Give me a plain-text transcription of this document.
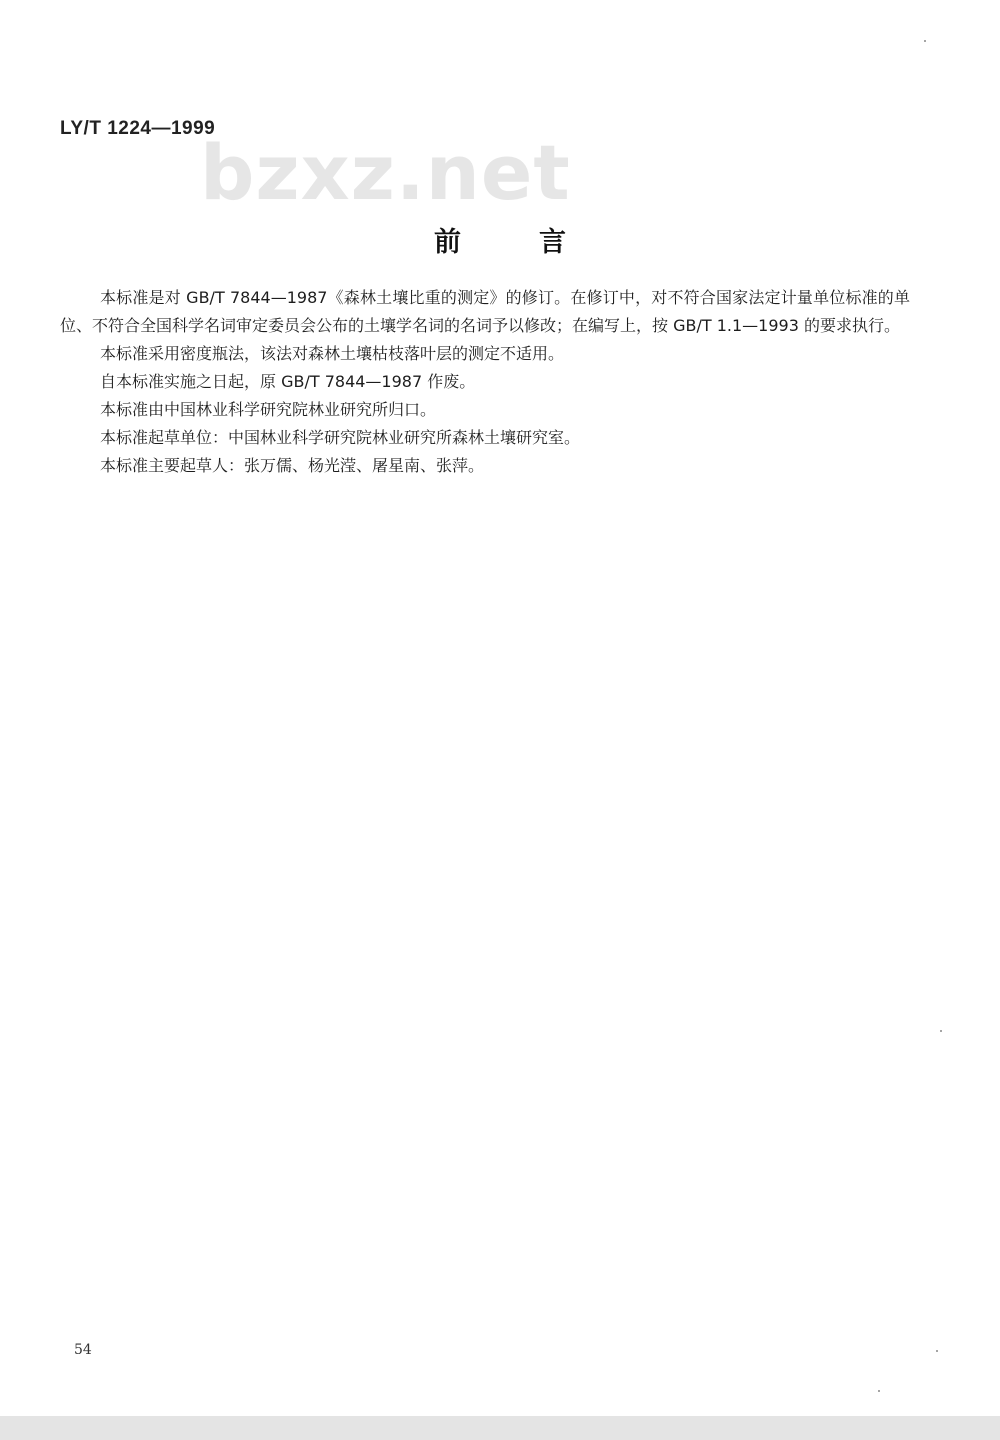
LY/T 1224—1999
bzxz.net
前言

本标准是对 GB/T 7844—1987《森林土壤比重的测定》的修订。在修订中，对不符合国家法定计量单位标准的单位、不符合全国科学名词审定委员会公布的土壤学名词的名词予以修改；在编写上，按 GB/T 1.1—1993 的要求执行。

本标准采用密度瓶法，该法对森林土壤枯枝落叶层的测定不适用。

自本标准实施之日起，原 GB/T 7844—1987 作废。

本标准由中国林业科学研究院林业研究所归口。

本标准起草单位：中国林业科学研究院林业研究所森林土壤研究室。

本标准主要起草人：张万儒、杨光滢、屠星南、张萍。

54
